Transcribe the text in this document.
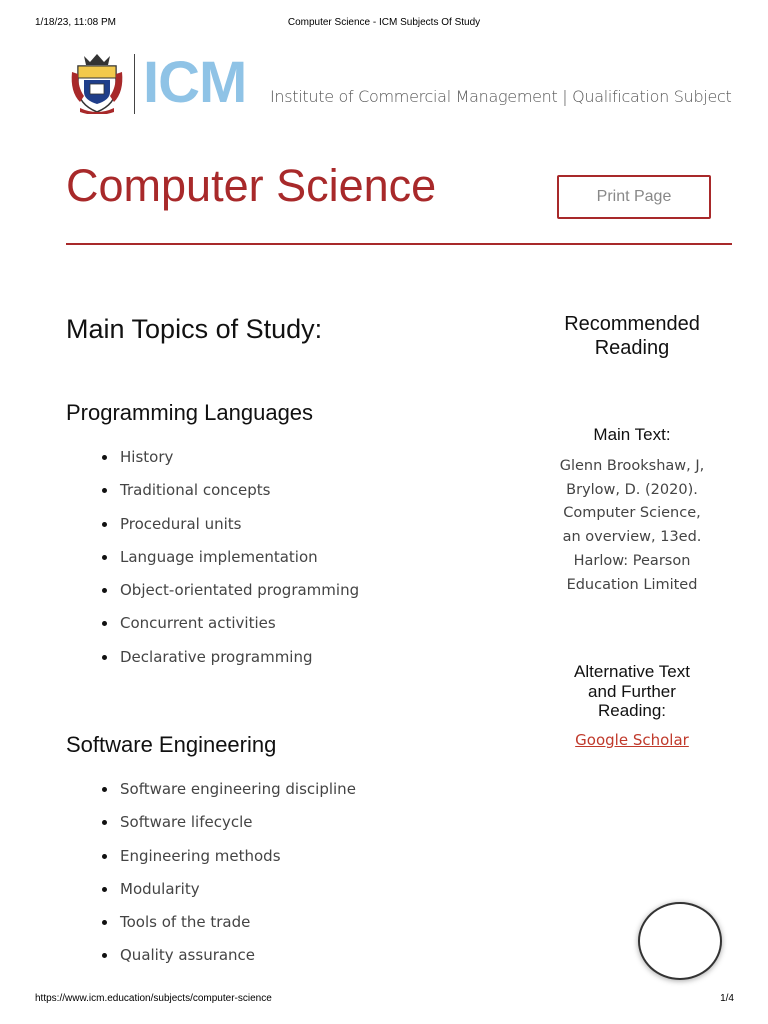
1/18/23, 11:08 PM	Computer Science - ICM Subjects Of Study
ICM Institute of Commercial Management | Qualification Subject
Computer Science	Print Page
Main Topics of Study:
Programming Languages
History
Traditional concepts
Procedural units
Language implementation
Object-orientated programming
Concurrent activities
Declarative programming
Software Engineering
Software engineering discipline
Software lifecycle
Engineering methods
Modularity
Tools of the trade
Quality assurance
Recommended
Reading
Main Text:
Glenn Brookshaw, J,
Brylow, D. (2020).
Computer Science,
an overview, 13ed.
Harlow: Pearson
Education Limited
Alternative Text
and Further
Reading:
Google Scholar
https://www.icm.education/subjects/computer-science	1/4
